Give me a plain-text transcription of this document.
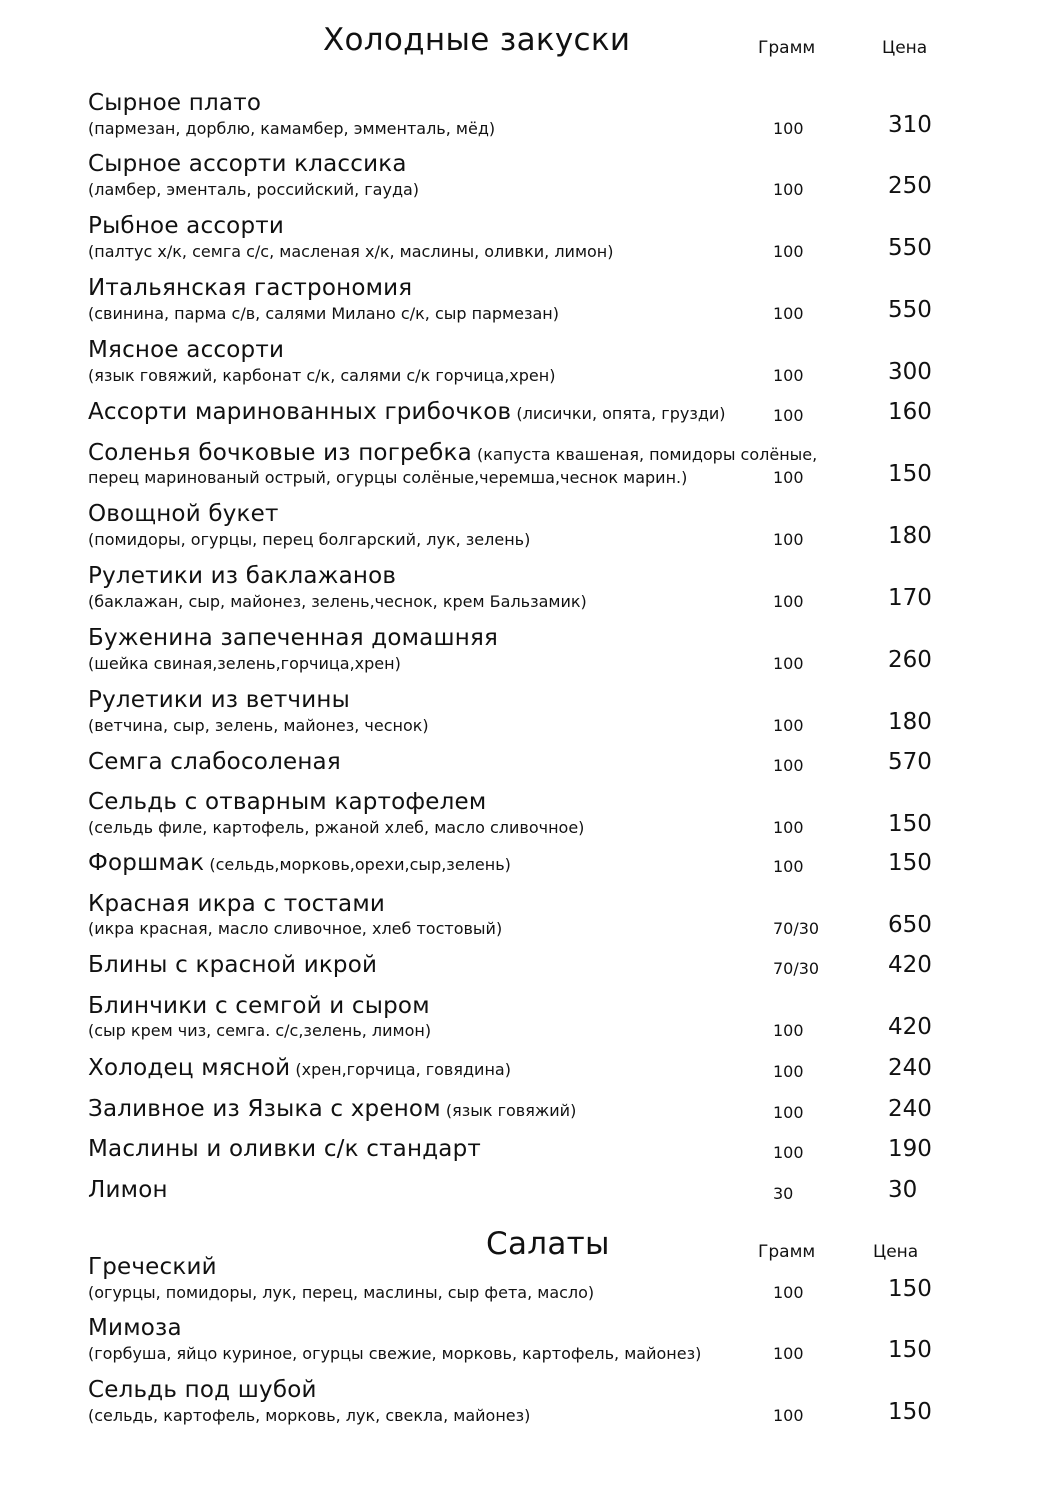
Холодные закуски	Грамм	Цена
Сырное плато
(пармезан, дорблю, камамбер, эмменталь, мёд)	100	310
Сырное ассорти классика
(ламбер, эменталь, российский, гауда)	100	250
Рыбное ассорти
(палтус х/к, семга с/с, масленая х/к, маслины, оливки, лимон)	100	550
Итальянская гастрономия
(свинина, парма с/в, салями Милано с/к, сыр пармезан)	100	550
Мясное ассорти
(язык говяжий, карбонат с/к, салями с/к горчица,хрен)	100	300
Ассорти маринованных грибочков (лисички, опята, грузди)	100	160
Соленья бочковые из погребка (капуста квашеная, помидоры солёные,
перец маринованый острый, огурцы солёные,черемша,чеснок марин.)	100	150
Овощной букет
(помидоры, огурцы, перец болгарский, лук, зелень)	100	180
Рулетики из баклажанов
(баклажан, сыр, майонез, зелень,чеснок, крем Бальзамик)	100	170
Буженина запеченная домашняя
(шейка свиная,зелень,горчица,хрен)	100	260
Рулетики из ветчины
(ветчина, сыр, зелень, майонез, чеснок)	100	180
Семга слабосоленая	100	570
Сельдь с отварным картофелем
(сельдь филе, картофель, ржаной хлеб, масло сливочное)	100	150
Форшмак (сельдь,морковь,орехи,сыр,зелень)	100	150
Красная икра с тостами
(икра красная, масло сливочное, хлеб тостовый)	70/30	650
Блины с красной икрой	70/30	420
Блинчики с семгой и сыром
(сыр крем чиз, семга. с/с,зелень, лимон)	100	420
Холодец мясной (хрен,горчица, говядина)	100	240
Заливное из Языка с хреном (язык говяжий)	100	240
Маслины и оливки с/к стандарт	100	190
Лимон	30	30
Салаты	Грамм	Цена
Греческий
(огурцы, помидоры, лук, перец, маслины, сыр фета, масло)	100	150
Мимоза
(горбуша, яйцо куриное, огурцы свежие, морковь, картофель, майонез)	100	150
Сельдь под шубой
(сельдь, картофель, морковь, лук, свекла, майонез)	100	150
